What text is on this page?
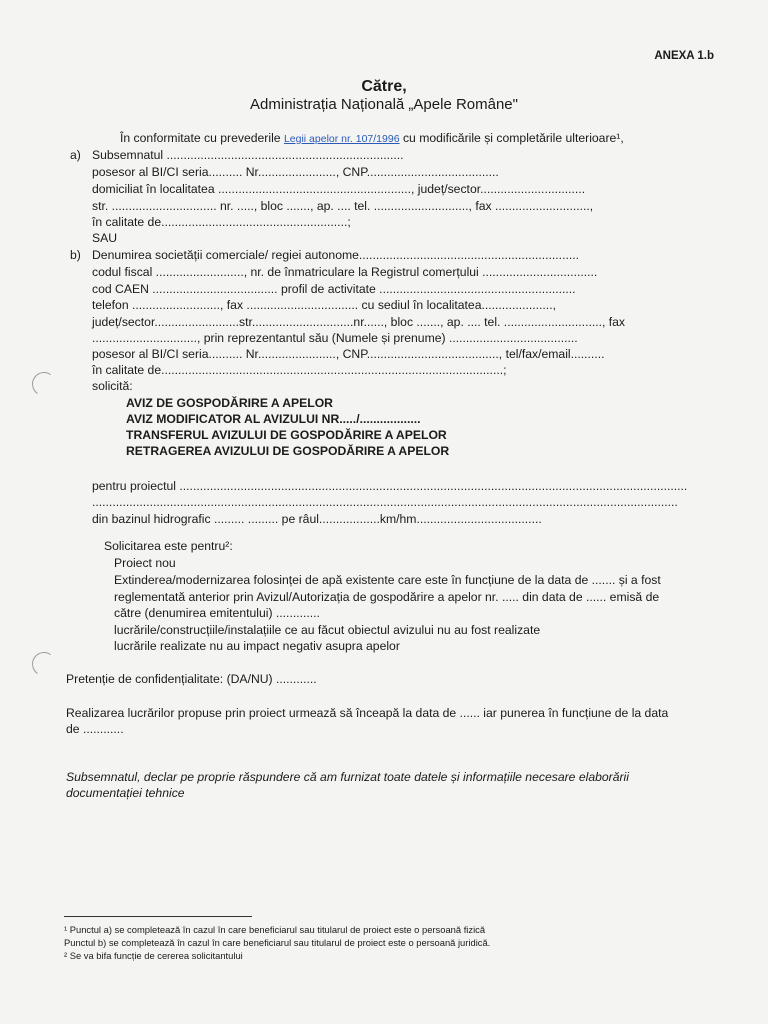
ANEXA 1.b
Către,
Administrația Națională „Apele Române"
În conformitate cu prevederile Legii apelor nr. 107/1996 cu modificările și completările ulterioare¹,
a) Subsemnatul ......................................................................
posesor al BI/CI seria.......... Nr......................., CNP.......................................
domiciliat în localitatea ........................................................., județ/sector...............................
str. ............................... nr. ....., bloc ......., ap. .... tel. ............................, fax ............................,
în calitate de.......................................................;
SAU
b) Denumirea societății comerciale/ regiei autonome.................................................................
codul fiscal .........................., nr. de înmatriculare la Registrul comerțului ..................................
cod CAEN ..................................... profil de activitate ..........................................................
telefon .........................., fax ................................. cu sediul în localitatea.....................,
județ/sector.........................str..............................nr......, bloc ......., ap. .... tel. ............................., fax
..............................., prin reprezentantul său (Numele și prenume) ......................................
posesor al BI/CI seria.......... Nr......................., CNP......................................., tel/fax/email..........
în calitate de.....................................................................................................;
solicită:
AVIZ DE GOSPODĂRIRE A APELOR
AVIZ MODIFICATOR AL AVIZULUI NR...../..................
TRANSFERUL AVIZULUI DE GOSPODĂRIRE A APELOR
RETRAGEREA AVIZULUI DE GOSPODĂRIRE A APELOR
pentru proiectul ......................................................................................................................................................
.............................................................................................................................................................................
din bazinul hidrografic ......... ......... pe râul..................km/hm.....................................
Solicitarea este pentru²:
Proiect nou
Extinderea/modernizarea folosinței de apă existente care este în funcțiune de la data de ....... și a fost
reglementată anterior prin Avizul/Autorizația de gospodărire a apelor nr. ..... din data de ...... emisă de
către (denumirea emitentului) .............
lucrările/construcțiile/instalațiile ce au făcut obiectul avizului nu au fost realizate
lucrările realizate nu au impact negativ asupra apelor
Pretenție de confidențialitate: (DA/NU) ............
Realizarea lucrărilor propuse prin proiect urmează să înceapă la data de ...... iar punerea în funcțiune de la data
de ............
Subsemnatul, declar pe propriе răspundere că am furnizat toate datele și informațiile necesare elaborării
documentației tehnice
¹ Punctul a) se completează în cazul în care beneficiarul sau titularul de proiect este o persoană fizică
Punctul b) se completează în cazul în care beneficiarul sau titularul de proiect este o persoană juridică.
² Se va bifa funcție de cererea solicitantului
